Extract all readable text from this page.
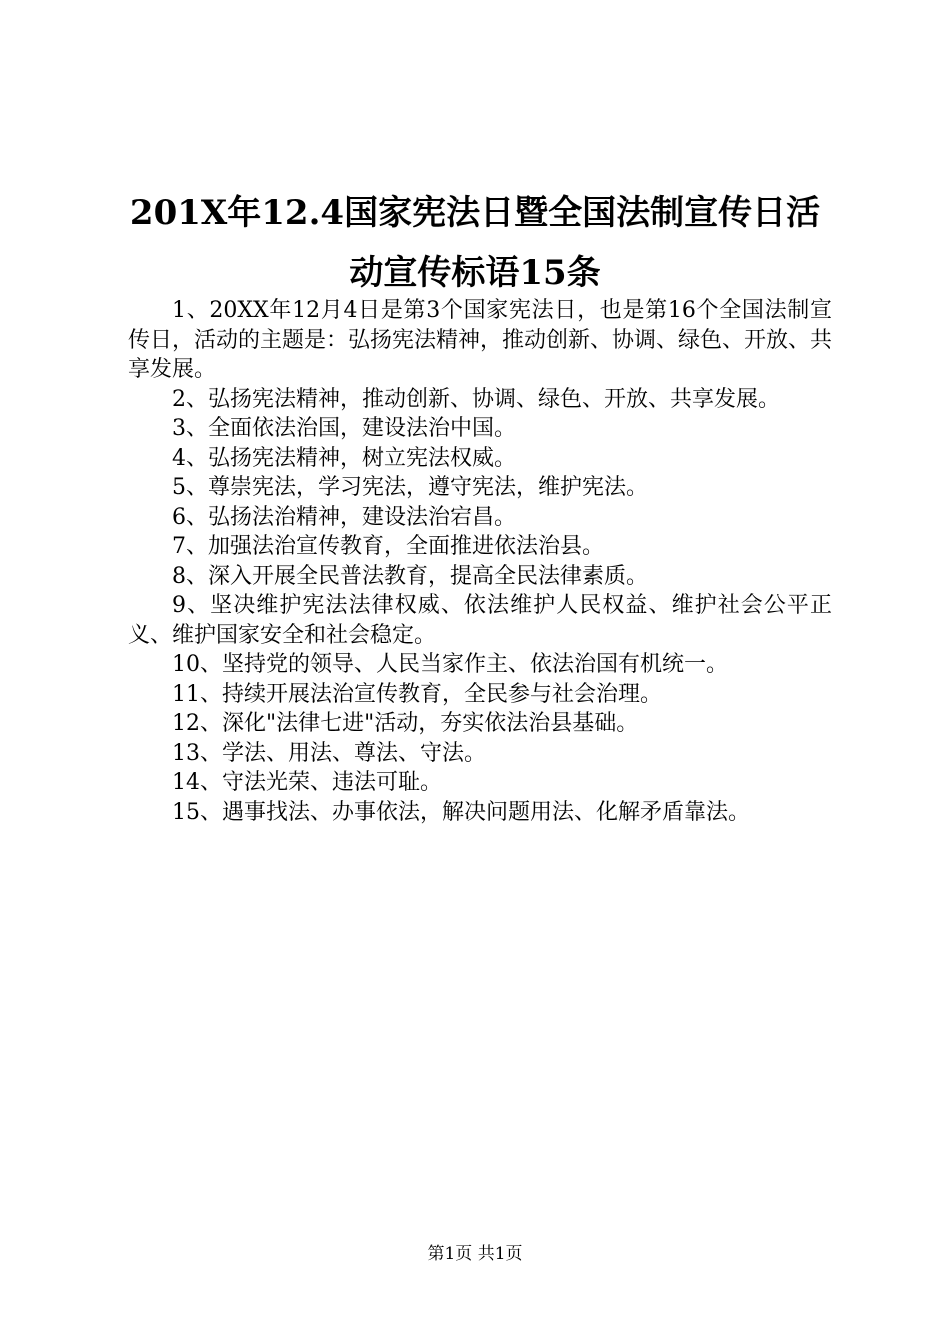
201X年12.4国家宪法日暨全国法制宣传日活
动宣传标语15条

1、20XX年12月4日是第3个国家宪法日，也是第16个全国法制宣传日，活动的主题是：弘扬宪法精神，推动创新、协调、绿色、开放、共享发展。

2、弘扬宪法精神，推动创新、协调、绿色、开放、共享发展。

3、全面依法治国，建设法治中国。

4、弘扬宪法精神，树立宪法权威。

5、尊崇宪法，学习宪法，遵守宪法，维护宪法。

6、弘扬法治精神，建设法治宕昌。

7、加强法治宣传教育，全面推进依法治县。

8、深入开展全民普法教育，提高全民法律素质。

9、坚决维护宪法法律权威、依法维护人民权益、维护社会公平正义、维护国家安全和社会稳定。

10、坚持党的领导、人民当家作主、依法治国有机统一。

11、持续开展法治宣传教育，全民参与社会治理。

12、深化"法律七进"活动，夯实依法治县基础。

13、学法、用法、尊法、守法。

14、守法光荣、违法可耻。

15、遇事找法、办事依法，解决问题用法、化解矛盾靠法。

第1页 共1页
